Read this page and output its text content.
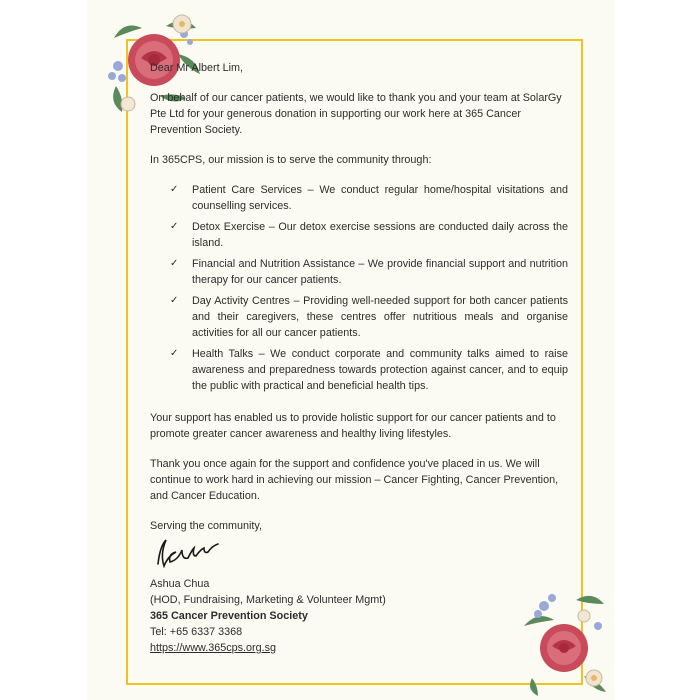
Dear Mr Albert Lim,

On behalf of our cancer patients, we would like to thank you and your team at SolarGy Pte Ltd for your generous donation in supporting our work here at 365 Cancer Prevention Society.

In 365CPS, our mission is to serve the community through:

✓ Patient Care Services – We conduct regular home/hospital visitations and counselling services.
✓ Detox Exercise – Our detox exercise sessions are conducted daily across the island.
✓ Financial and Nutrition Assistance – We provide financial support and nutrition therapy for our cancer patients.
✓ Day Activity Centres – Providing well-needed support for both cancer patients and their caregivers, these centres offer nutritious meals and organise activities for all our cancer patients.
✓ Health Talks – We conduct corporate and community talks aimed to raise awareness and preparedness towards protection against cancer, and to equip the public with practical and beneficial health tips.

Your support has enabled us to provide holistic support for our cancer patients and to promote greater cancer awareness and healthy living lifestyles.

Thank you once again for the support and confidence you've placed in us. We will continue to work hard in achieving our mission – Cancer Fighting, Cancer Prevention, and Cancer Education.

Serving the community,

Ashua Chua

(HOD, Fundraising, Marketing & Volunteer Mgmt)

365 Cancer Prevention Society

Tel: +65 6337 3368

https://www.365cps.org.sg
